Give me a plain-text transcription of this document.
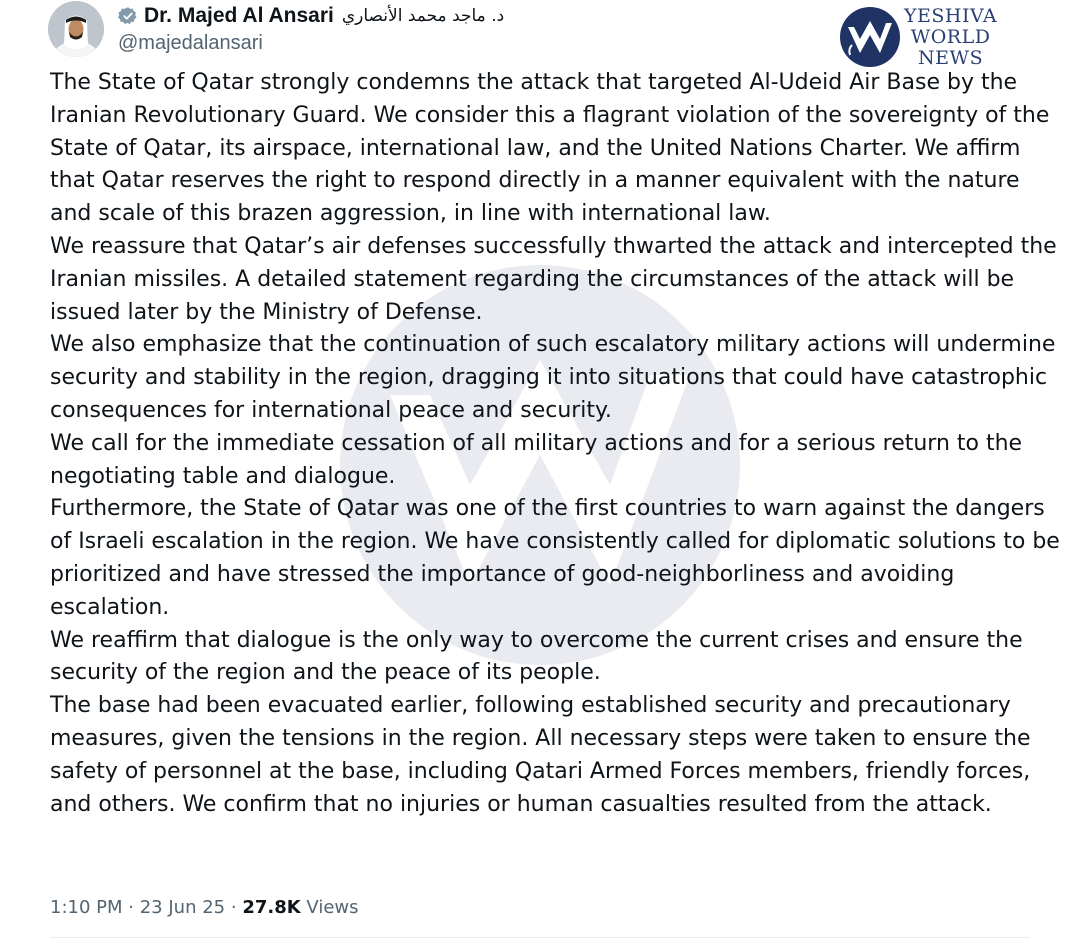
Dr. Majed Al Ansari د. ماجد محمد الأنصاري
@majedalansari
YESHIVA
WORLD
NEWS

The State of Qatar strongly condemns the attack that targeted Al-Udeid Air Base by the Iranian Revolutionary Guard. We consider this a flagrant violation of the sovereignty of the State of Qatar, its airspace, international law, and the United Nations Charter. We affirm that Qatar reserves the right to respond directly in a manner equivalent with the nature and scale of this brazen aggression, in line with international law.

We reassure that Qatar’s air defenses successfully thwarted the attack and intercepted the Iranian missiles. A detailed statement regarding the circumstances of the attack will be issued later by the Ministry of Defense.

We also emphasize that the continuation of such escalatory military actions will undermine security and stability in the region, dragging it into situations that could have catastrophic consequences for international peace and security.

We call for the immediate cessation of all military actions and for a serious return to the negotiating table and dialogue.

Furthermore, the State of Qatar was one of the first countries to warn against the dangers of Israeli escalation in the region. We have consistently called for diplomatic solutions to be prioritized and have stressed the importance of good-neighborliness and avoiding escalation.

We reaffirm that dialogue is the only way to overcome the current crises and ensure the security of the region and the peace of its people.

The base had been evacuated earlier, following established security and precautionary measures, given the tensions in the region. All necessary steps were taken to ensure the safety of personnel at the base, including Qatari Armed Forces members, friendly forces, and others. We confirm that no injuries or human casualties resulted from the attack.

1:10 PM · 23 Jun 25 · 27.8K Views
